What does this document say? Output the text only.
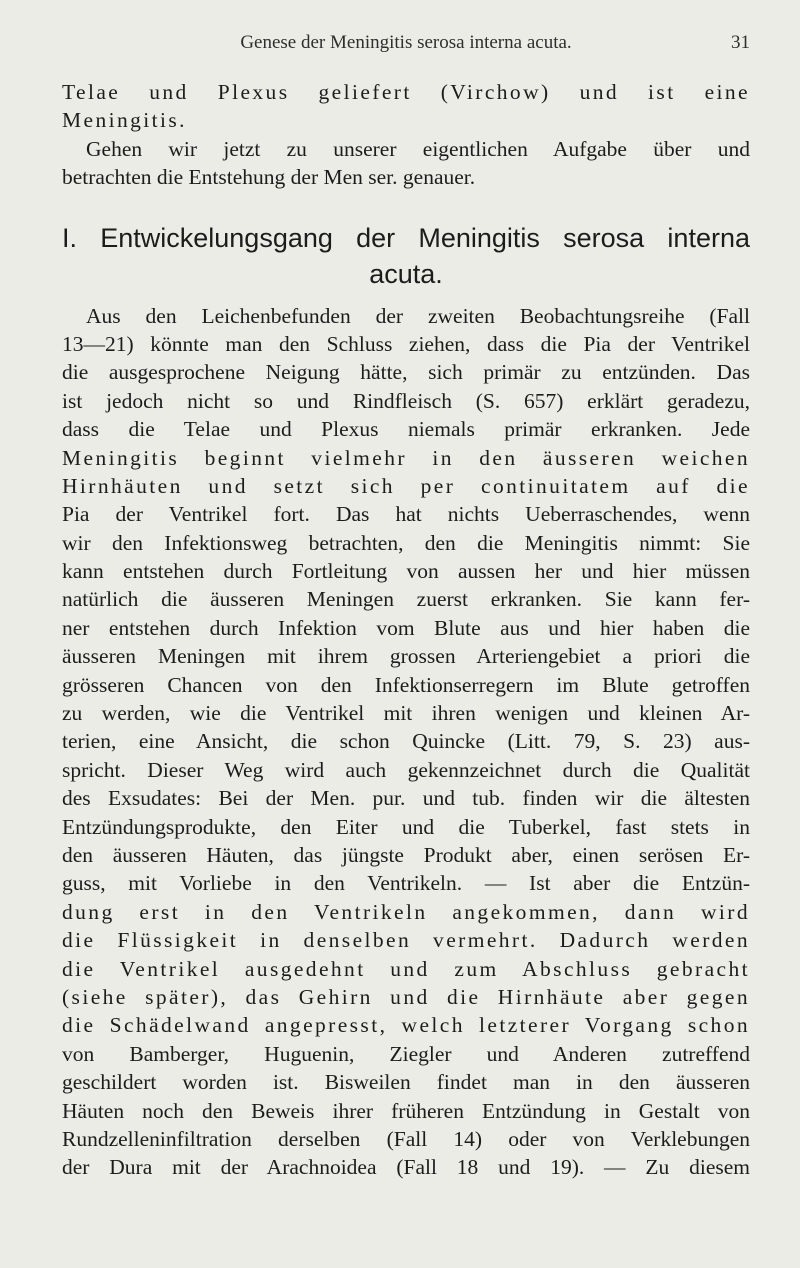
Genese der Meningitis serosa interna acuta.	31
Telae und Plexus geliefert (Virchow) und ist eine
Meningitis.
Gehen wir jetzt zu unserer eigentlichen Aufgabe über und
betrachten die Entstehung der Men ser. genauer.
I. Entwickelungsgang der Meningitis serosa interna
acuta.
Aus den Leichenbefunden der zweiten Beobachtungsreihe (Fall
13—21) könnte man den Schluss ziehen, dass die Pia der Ventrikel
die ausgesprochene Neigung hätte, sich primär zu entzünden. Das
ist jedoch nicht so und Rindfleisch (S. 657) erklärt geradezu,
dass die Telae und Plexus niemals primär erkranken. Jede
Meningitis beginnt vielmehr in den äusseren weichen
Hirnhäuten und setzt sich per continuitatem auf die
Pia der Ventrikel fort. Das hat nichts Ueberraschendes, wenn
wir den Infektionsweg betrachten, den die Meningitis nimmt: Sie
kann entstehen durch Fortleitung von aussen her und hier müssen
natürlich die äusseren Meningen zuerst erkranken. Sie kann fer-
ner entstehen durch Infektion vom Blute aus und hier haben die
äusseren Meningen mit ihrem grossen Arteriengebiet a priori die
grösseren Chancen von den Infektionserregern im Blute getroffen
zu werden, wie die Ventrikel mit ihren wenigen und kleinen Ar-
terien, eine Ansicht, die schon Quincke (Litt. 79, S. 23) aus-
spricht. Dieser Weg wird auch gekennzeichnet durch die Qualität
des Exsudates: Bei der Men. pur. und tub. finden wir die ältesten
Entzündungsprodukte, den Eiter und die Tuberkel, fast stets in
den äusseren Häuten, das jüngste Produkt aber, einen serösen Er-
guss, mit Vorliebe in den Ventrikeln. — Ist aber die Entzün-
dung erst in den Ventrikeln angekommen, dann wird
die Flüssigkeit in denselben vermehrt. Dadurch werden
die Ventrikel ausgedehnt und zum Abschluss gebracht
(siehe später), das Gehirn und die Hirnhäute aber gegen
die Schädelwand angepresst, welch letzterer Vorgang schon
von Bamberger, Huguenin, Ziegler und Anderen zutreffend
geschildert worden ist. Bisweilen findet man in den äusseren
Häuten noch den Beweis ihrer früheren Entzündung in Gestalt von
Rundzelleninfiltration derselben (Fall 14) oder von Verklebungen
der Dura mit der Arachnoidea (Fall 18 und 19). — Zu diesem
